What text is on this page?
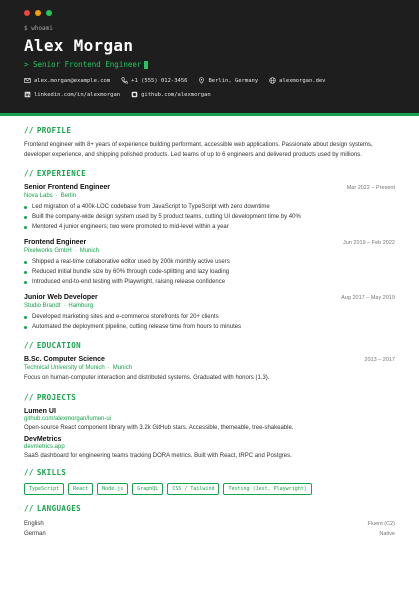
$ whoami
Alex Morgan
> Senior Frontend Engineer
alex.morgan@example.com	+1 (555) 012-3456	Berlin, Germany	alexmorgan.dev
linkedin.com/in/alexmorgan	github.com/alexmorgan
// PROFILE

Frontend engineer with 8+ years of experience building performant, accessible web applications. Passionate about design systems, developer experience, and shipping polished products. Led teams of up to 6 engineers and delivered products used by millions.

// EXPERIENCE
Senior Frontend Engineer	Mar 2022 – Present
Nova Labs · Berlin
Led migration of a 400k-LOC codebase from JavaScript to TypeScript with zero downtime
Built the company-wide design system used by 5 product teams, cutting UI development time by 40%
Mentored 4 junior engineers; two were promoted to mid-level within a year
Frontend Engineer	Jun 2019 – Feb 2022
Pixelworks GmbH · Munich
Shipped a real-time collaborative editor used by 200k monthly active users
Reduced initial bundle size by 60% through code-splitting and lazy loading
Introduced end-to-end testing with Playwright, raising release confidence
Junior Web Developer	Aug 2017 – May 2019
Studio Brandt · Hamburg
Developed marketing sites and e-commerce storefronts for 20+ clients
Automated the deployment pipeline, cutting release time from hours to minutes
// EDUCATION
B.Sc. Computer Science	2013 – 2017
Technical University of Munich · Munich

Focus on human-computer interaction and distributed systems. Graduated with honors (1.3).

// PROJECTS
Lumen UI
github.com/alexmorgan/lumen-ui
Open-source React component library with 3.2k GitHub stars. Accessible, themeable, tree-shakeable.
DevMetrics
devmetrics.app
SaaS dashboard for engineering teams tracking DORA metrics. Built with React, tRPC and Postgres.
// SKILLS
TypeScript	React	Node.js	GraphQL	CSS / Tailwind	Testing (Jest, Playwright)
// LANGUAGES
English	Fluent (C2)
German	Native
